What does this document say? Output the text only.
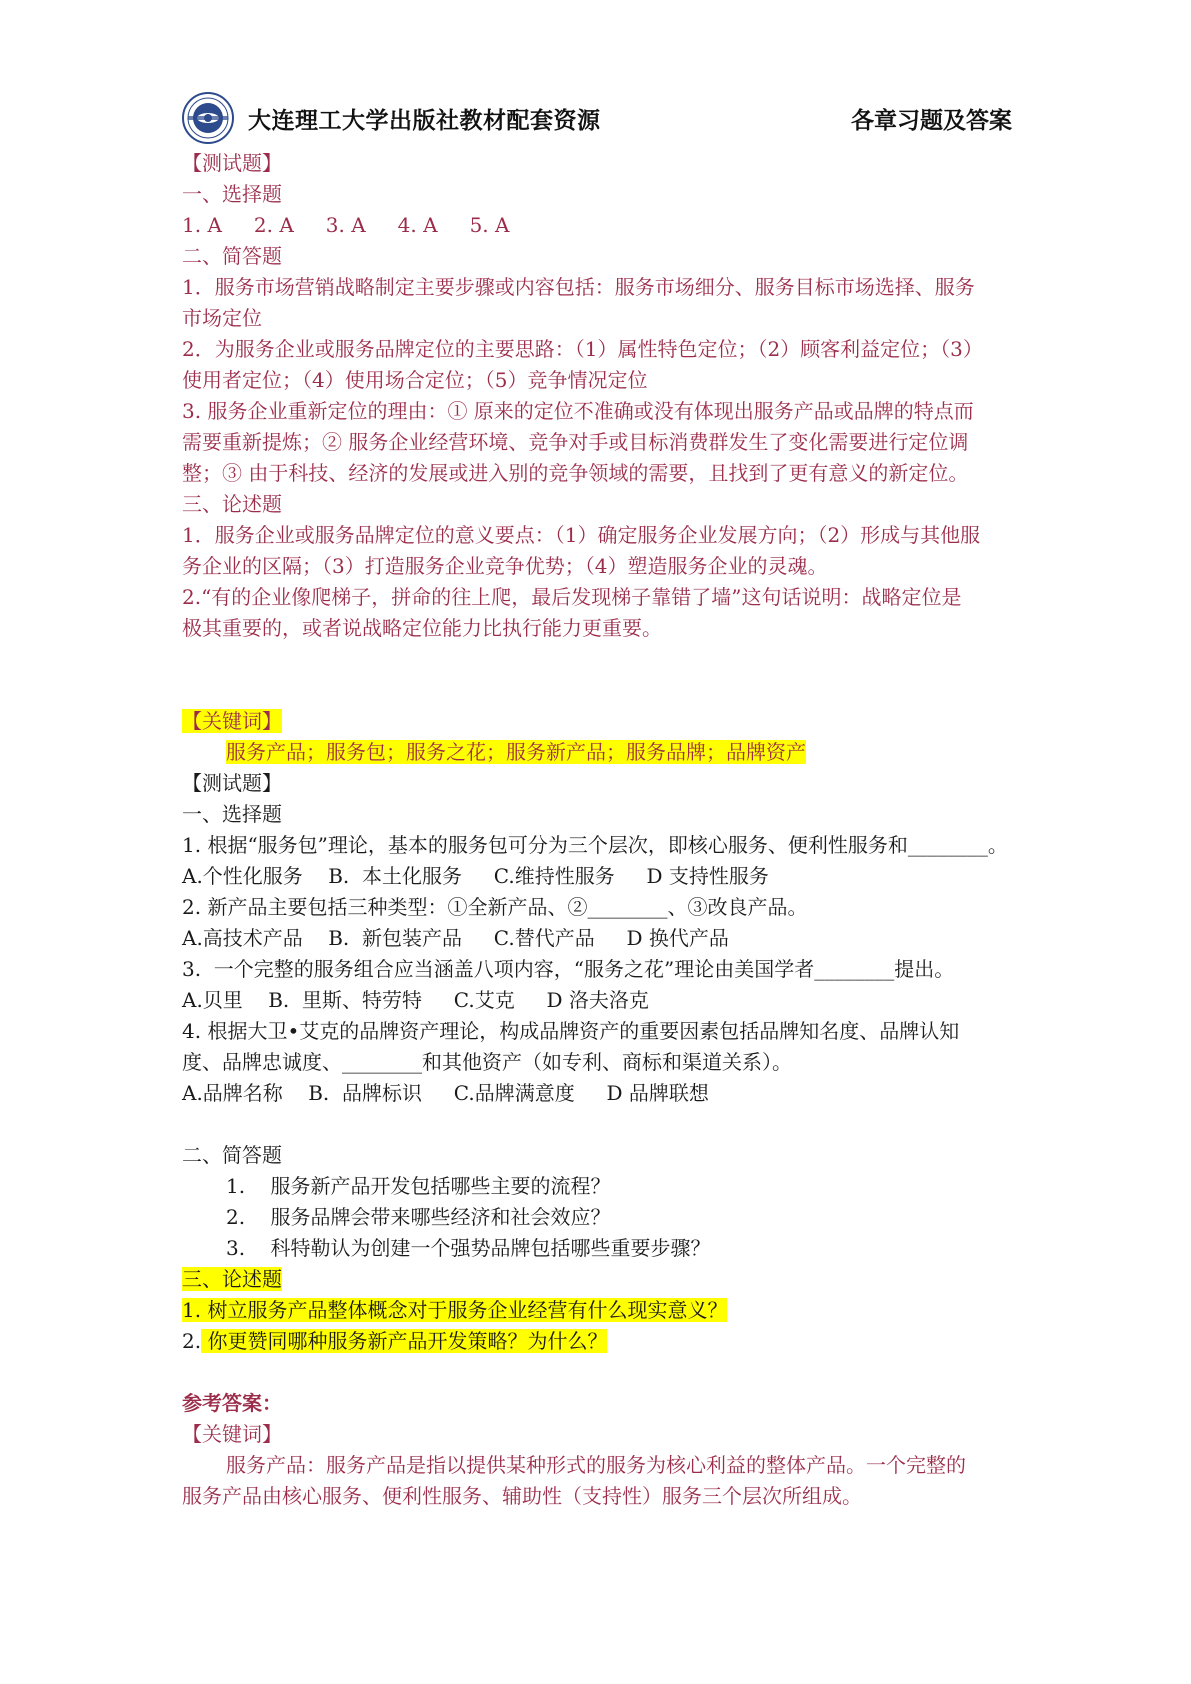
大连理工大学出版社教材配套资源	各章习题及答案
【测试题】
一、选择题
1. A 2. A 3. A 4. A 5. A
二、简答题
1．服务市场营销战略制定主要步骤或内容包括：服务市场细分、服务目标市场选择、服务
市场定位
2．为服务企业或服务品牌定位的主要思路：（1）属性特色定位；（2）顾客利益定位；（3）
使用者定位；（4）使用场合定位；（5）竞争情况定位
3. 服务企业重新定位的理由：① 原来的定位不准确或没有体现出服务产品或品牌的特点而
需要重新提炼；② 服务企业经营环境、竞争对手或目标消费群发生了变化需要进行定位调
整；③ 由于科技、经济的发展或进入别的竞争领域的需要，且找到了更有意义的新定位。
三、论述题
1．服务企业或服务品牌定位的意义要点：（1）确定服务企业发展方向；（2）形成与其他服
务企业的区隔；（3）打造服务企业竞争优势；（4）塑造服务企业的灵魂。
2.“有的企业像爬梯子，拼命的往上爬，最后发现梯子靠错了墙”这句话说明：战略定位是
极其重要的，或者说战略定位能力比执行能力更重要。
【关键词】
服务产品；服务包；服务之花；服务新产品；服务品牌；品牌资产
【测试题】
一、选择题
1. 根据“服务包”理论，基本的服务包可分为三个层次，即核心服务、便利性服务和________。
A.个性化服务    B.  本土化服务     C.维持性服务     D 支持性服务
2. 新产品主要包括三种类型：①全新产品、②________、③改良产品。
A.高技术产品    B.  新包装产品     C.替代产品     D 换代产品
3.  一个完整的服务组合应当涵盖八项内容，“服务之花”理论由美国学者________提出。
A.贝里    B.  里斯、特劳特     C.艾克     D 洛夫洛克
4. 根据大卫•艾克的品牌资产理论，构成品牌资产的重要因素包括品牌知名度、品牌认知
度、品牌忠诚度、________和其他资产（如专利、商标和渠道关系）。
A.品牌名称    B.  品牌标识     C.品牌满意度     D 品牌联想
二、简答题
1.    服务新产品开发包括哪些主要的流程？
2.    服务品牌会带来哪些经济和社会效应？
3.    科特勒认为创建一个强势品牌包括哪些重要步骤？
三、论述题
1. 树立服务产品整体概念对于服务企业经营有什么现实意义？
2. 你更赞同哪种服务新产品开发策略？为什么？
参考答案：
【关键词】
服务产品：服务产品是指以提供某种形式的服务为核心利益的整体产品。一个完整的
服务产品由核心服务、便利性服务、辅助性（支持性）服务三个层次所组成。
